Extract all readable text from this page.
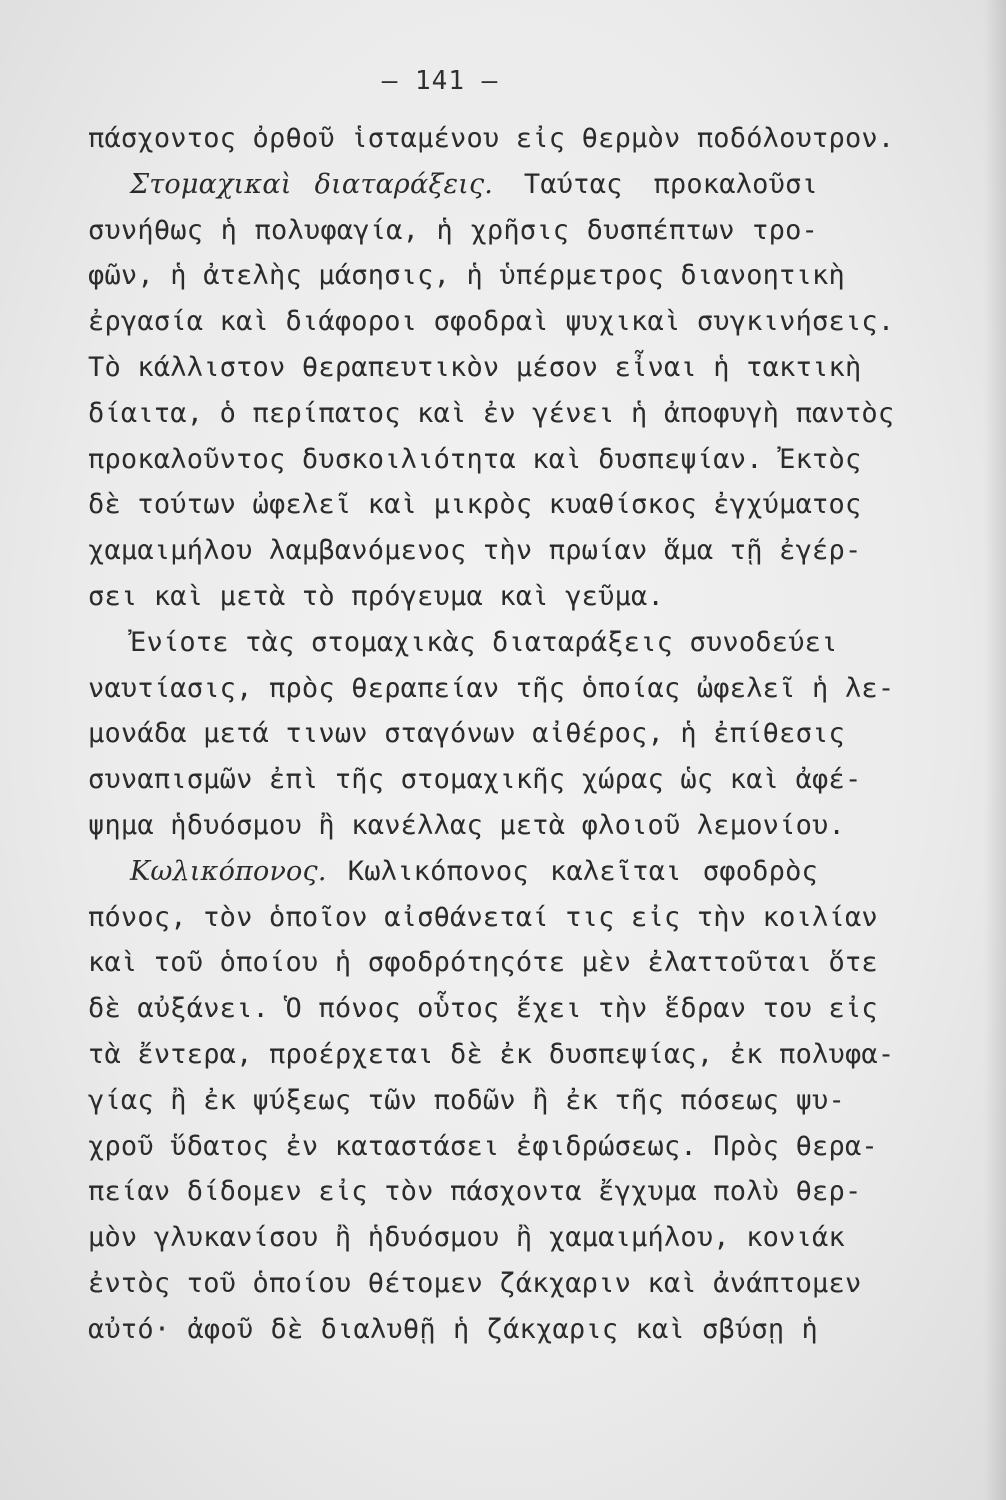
— 141 —
πάσχοντος ὀρθοῦ ἱσταμένου εἰς θερμὸν ποδόλουτρον.
Στομαχικαὶ διαταράξεις. Ταύτας προκαλοῦσι
συνήθως ἡ πολυφαγία, ἡ χρῆσις δυσπέπτων τρο-
φῶν, ἡ ἀτελὴς μάσησις, ἡ ὑπέρμετρος διανοητικὴ
ἐργασία καὶ διάφοροι σφοδραὶ ψυχικαὶ συγκινήσεις.
Τὸ κάλλιστον θεραπευτικὸν μέσον εἶναι ἡ τακτικὴ
δίαιτα, ὁ περίπατος καὶ ἐν γένει ἡ ἀποφυγὴ παντὸς
προκαλοῦντος δυσκοιλιότητα καὶ δυσπεψίαν. Ἐκτὸς
δὲ τούτων ὠφελεῖ καὶ μικρὸς κυαθίσκος ἐγχύματος
χαμαιμήλου λαμβανόμενος τὴν πρωίαν ἅμα τῇ ἐγέρ-
σει καὶ μετὰ τὸ πρόγευμα καὶ γεῦμα.
Ἐνίοτε τὰς στομαχικὰς διαταράξεις συνοδεύει
ναυτίασις, πρὸς θεραπείαν τῆς ὁποίας ὠφελεῖ ἡ λε-
μονάδα μετά τινων σταγόνων αἰθέρος, ἡ ἐπίθεσις
συναπισμῶν ἐπὶ τῆς στομαχικῆς χώρας ὡς καὶ ἀφέ-
ψημα ἡδυόσμου ἢ κανέλλας μετὰ φλοιοῦ λεμονίου.
Κωλικόπονος. Κωλικόπονος καλεῖται σφοδρὸς
πόνος, τὸν ὁποῖον αἰσθάνεταί τις εἰς τὴν κοιλίαν
καὶ τοῦ ὁποίου ἡ σφοδρότηςότε μὲν ἐλαττοῦται ὅτε
δὲ αὐξάνει. Ὁ πόνος οὗτος ἔχει τὴν ἕδραν του εἰς
τὰ ἔντερα, προέρχεται δὲ ἐκ δυσπεψίας, ἐκ πολυφα-
γίας ἢ ἐκ ψύξεως τῶν ποδῶν ἢ ἐκ τῆς πόσεως ψυ-
χροῦ ὕδατος ἐν καταστάσει ἐφιδρώσεως. Πρὸς θερα-
πείαν δίδομεν εἰς τὸν πάσχοντα ἔγχυμα πολὺ θερ-
μὸν γλυκανίσου ἢ ἡδυόσμου ἢ χαμαιμήλου, κονιάκ
ἐντὸς τοῦ ὁποίου θέτομεν ζάκχαριν καὶ ἀνάπτομεν
αὐτό· ἀφοῦ δὲ διαλυθῇ ἡ ζάκχαρις καὶ σβύσῃ ἡ
